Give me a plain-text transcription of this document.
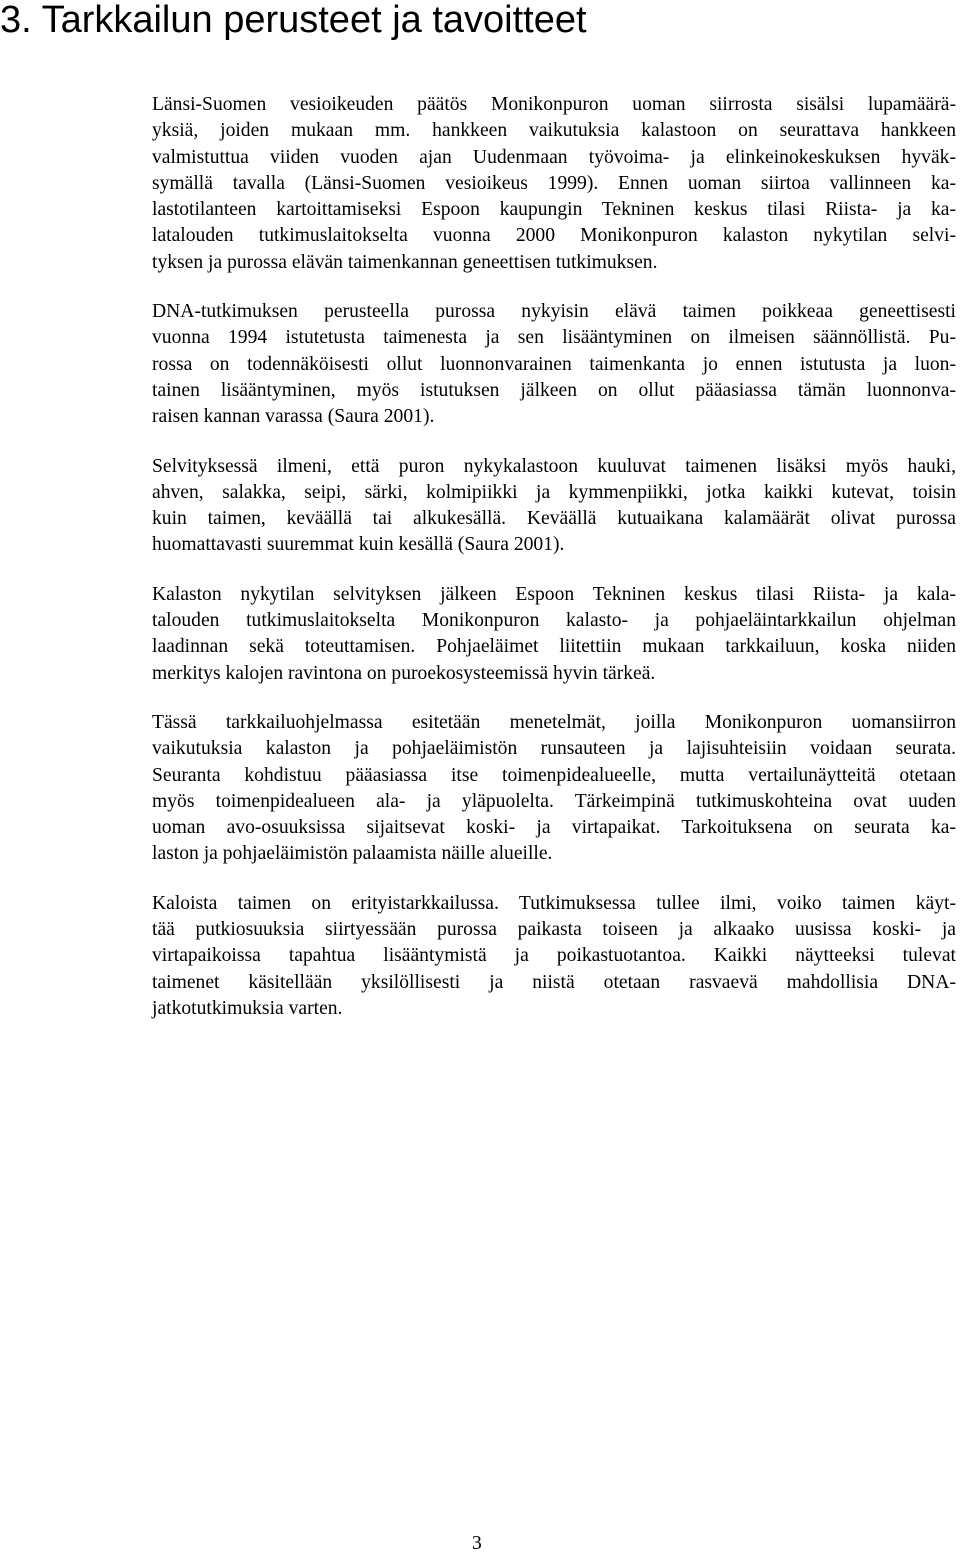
3. Tarkkailun perusteet ja tavoitteet

Länsi-Suomen vesioikeuden päätös Monikonpuron uoman siirrosta sisälsi lupamäärä-
yksiä, joiden mukaan mm. hankkeen vaikutuksia kalastoon on seurattava hankkeen
valmistuttua viiden vuoden ajan Uudenmaan työvoima- ja elinkeinokeskuksen hyväk-
symällä tavalla (Länsi-Suomen vesioikeus 1999). Ennen uoman siirtoa vallinneen ka-
lastotilanteen kartoittamiseksi Espoon kaupungin Tekninen keskus tilasi Riista- ja ka-
latalouden tutkimuslaitokselta vuonna 2000 Monikonpuron kalaston nykytilan selvi-
tyksen ja purossa elävän taimenkannan geneettisen tutkimuksen.

DNA-tutkimuksen perusteella purossa nykyisin elävä taimen poikkeaa geneettisesti
vuonna 1994 istutetusta taimenesta ja sen lisääntyminen on ilmeisen säännöllistä. Pu-
rossa on todennäköisesti ollut luonnonvarainen taimenkanta jo ennen istutusta ja luon-
tainen lisääntyminen, myös istutuksen jälkeen on ollut pääasiassa tämän luonnonva-
raisen kannan varassa (Saura 2001).

Selvityksessä ilmeni, että puron nykykalastoon kuuluvat taimenen lisäksi myös hauki,
ahven, salakka, seipi, särki, kolmipiikki ja kymmenpiikki, jotka kaikki kutevat, toisin
kuin taimen, keväällä tai alkukesällä. Keväällä kutuaikana kalamäärät olivat purossa
huomattavasti suuremmat kuin kesällä (Saura 2001).

Kalaston nykytilan selvityksen jälkeen Espoon Tekninen keskus tilasi Riista- ja kala-
talouden tutkimuslaitokselta Monikonpuron kalasto- ja pohjaeläintarkkailun ohjelman
laadinnan sekä toteuttamisen. Pohjaeläimet liitettiin mukaan tarkkailuun, koska niiden
merkitys kalojen ravintona on puroekosysteemissä hyvin tärkeä.

Tässä tarkkailuohjelmassa esitetään menetelmät, joilla Monikonpuron uomansiirron
vaikutuksia kalaston ja pohjaeläimistön runsauteen ja lajisuhteisiin voidaan seurata.
Seuranta kohdistuu pääasiassa itse toimenpidealueelle, mutta vertailunäytteitä otetaan
myös toimenpidealueen ala- ja yläpuolelta. Tärkeimpinä tutkimuskohteina ovat uuden
uoman avo-osuuksissa sijaitsevat koski- ja virtapaikat. Tarkoituksena on seurata ka-
laston ja pohjaeläimistön palaamista näille alueille.

Kaloista taimen on erityistarkkailussa. Tutkimuksessa tullee ilmi, voiko taimen käyt-
tää putkiosuuksia siirtyessään purossa paikasta toiseen ja alkaako uusissa koski- ja
virtapaikoissa tapahtua lisääntymistä ja poikastuotantoa. Kaikki näytteeksi tulevat
taimenet käsitellään yksilöllisesti ja niistä otetaan rasvaevä mahdollisia DNA-
jatkotutkimuksia varten.

3
